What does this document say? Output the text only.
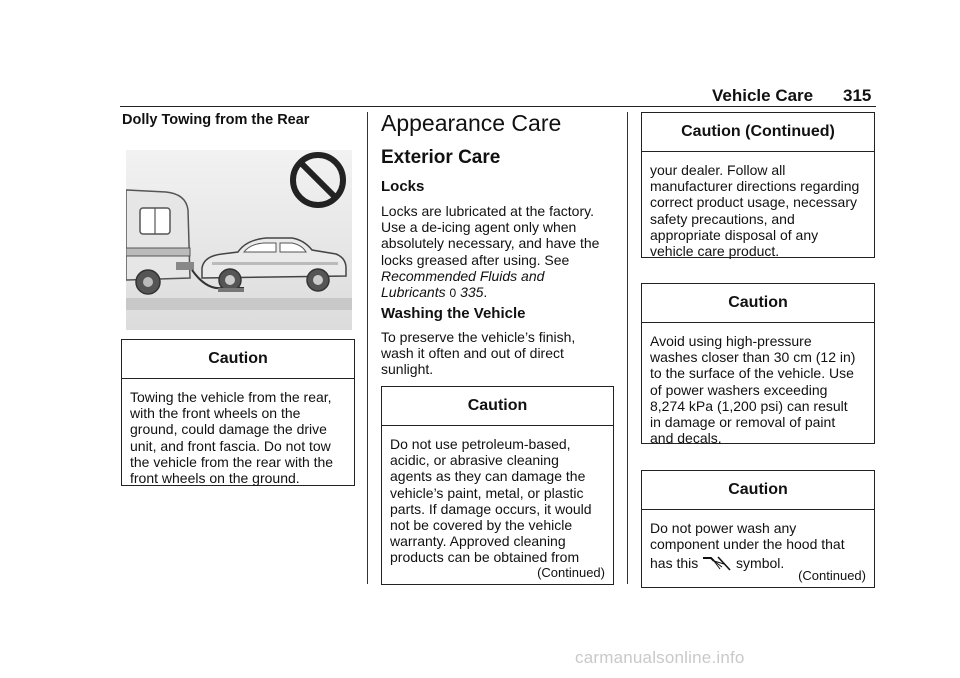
Vehicle Care 315
Dolly Towing from the Rear
Caution
Towing the vehicle from the rear,
with the front wheels on the
ground, could damage the drive
unit, and front fascia. Do not tow
the vehicle from the rear with the
front wheels on the ground.
Appearance Care
Exterior Care
Locks
Locks are lubricated at the factory.
Use a de-icing agent only when
absolutely necessary, and have the
locks greased after using. See
Recommended Fluids and
Lubricants 0 335.
Washing the Vehicle
To preserve the vehicle’s finish,
wash it often and out of direct
sunlight.
Caution
Do not use petroleum-based,
acidic, or abrasive cleaning
agents as they can damage the
vehicle’s paint, metal, or plastic
parts. If damage occurs, it would
not be covered by the vehicle
warranty. Approved cleaning
products can be obtained from
(Continued)
Caution (Continued)
your dealer. Follow all
manufacturer directions regarding
correct product usage, necessary
safety precautions, and
appropriate disposal of any
vehicle care product.
Caution
Avoid using high-pressure
washes closer than 30 cm (12 in)
to the surface of the vehicle. Use
of power washers exceeding
8,274 kPa (1,200 psi) can result
in damage or removal of paint
and decals.
Caution
Do not power wash any
component under the hood that
has this	symbol.
(Continued)
carmanualsonline.info
